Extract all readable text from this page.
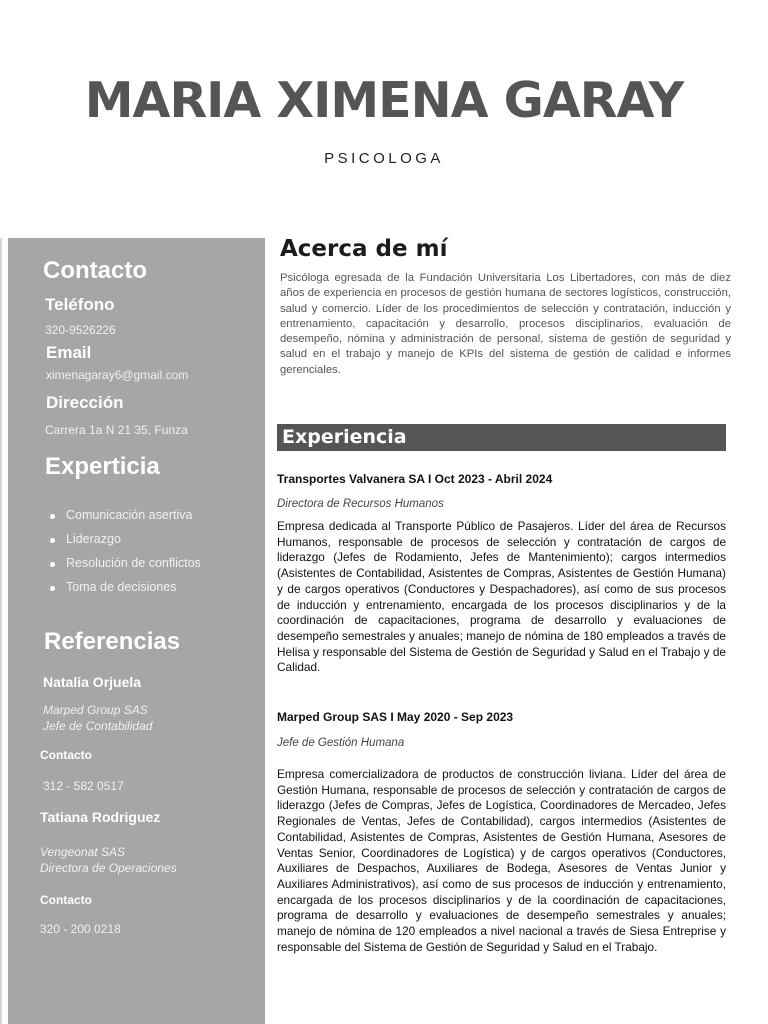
MARIA XIMENA GARAY
PSICOLOGA
Contacto
Teléfono
320-9526226
Email
ximenagaray6@gmail.com
Dirección
Carrera 1a N 21 35, Funza
Experticia
Comunicación asertiva
Liderazgo
Resolución de conflictos
Toma de decisiones
Referencias
Natalia Orjuela
Marped Group SAS
Jefe de Contabilidad
Contacto
312 - 582 0517
Tatiana Rodriguez
Vengeonat SAS
Directora de Operaciones
Contacto
320 - 200 0218
Acerca de mí
Psicóloga egresada de la Fundación Universitaria Los Libertadores, con más de diez años de experiencia en procesos de gestión humana de sectores logísticos, construcción, salud y comercio. Líder de los procedimientos de selección y contratación, inducción y entrenamiento, capacitación y desarrollo, procesos disciplinarios, evaluación de desempeño, nómina y administración de personal, sistema de gestión de seguridad y salud en el trabajo y manejo de KPIs del sistema de gestión de calidad e informes gerenciales.
Experiencia
Transportes Valvanera SA I Oct 2023 - Abril 2024
Directora de Recursos Humanos
Empresa dedicada al Transporte Público de Pasajeros. Líder del área de Recursos Humanos, responsable de procesos de selección y contratación de cargos de liderazgo (Jefes de Rodamiento, Jefes de Mantenimiento); cargos intermedios (Asistentes de Contabilidad, Asistentes de Compras, Asistentes de Gestión Humana) y de cargos operativos (Conductores y Despachadores), así como de sus procesos de inducción y entrenamiento, encargada de los procesos disciplinarios y de la coordinación de capacitaciones, programa de desarrollo y evaluaciones de desempeño semestrales y anuales; manejo de nómina de 180 empleados a través de Helisa y responsable del Sistema de Gestión de Seguridad y Salud en el Trabajo y de Calidad.
Marped Group SAS I May 2020 - Sep 2023
Jefe de Gestión Humana
Empresa comercializadora de productos de construcción liviana. Líder del área de Gestión Humana, responsable de procesos de selección y contratación de cargos de liderazgo (Jefes de Compras, Jefes de Logística, Coordinadores de Mercadeo, Jefes Regionales de Ventas, Jefes de Contabilidad), cargos intermedios (Asistentes de Contabilidad, Asistentes de Compras, Asistentes de Gestión Humana, Asesores de Ventas Senior, Coordinadores de Logística) y de cargos operativos (Conductores, Auxiliares de Despachos, Auxiliares de Bodega, Asesores de Ventas Junior y Auxiliares Administrativos), así como de sus procesos de inducción y entrenamiento, encargada de los procesos disciplinarios y de la coordinación de capacitaciones, programa de desarrollo y evaluaciones de desempeño semestrales y anuales; manejo de nómina de 120 empleados a nivel nacional a través de Siesa Entreprise y responsable del Sistema de Gestión de Seguridad y Salud en el Trabajo.
